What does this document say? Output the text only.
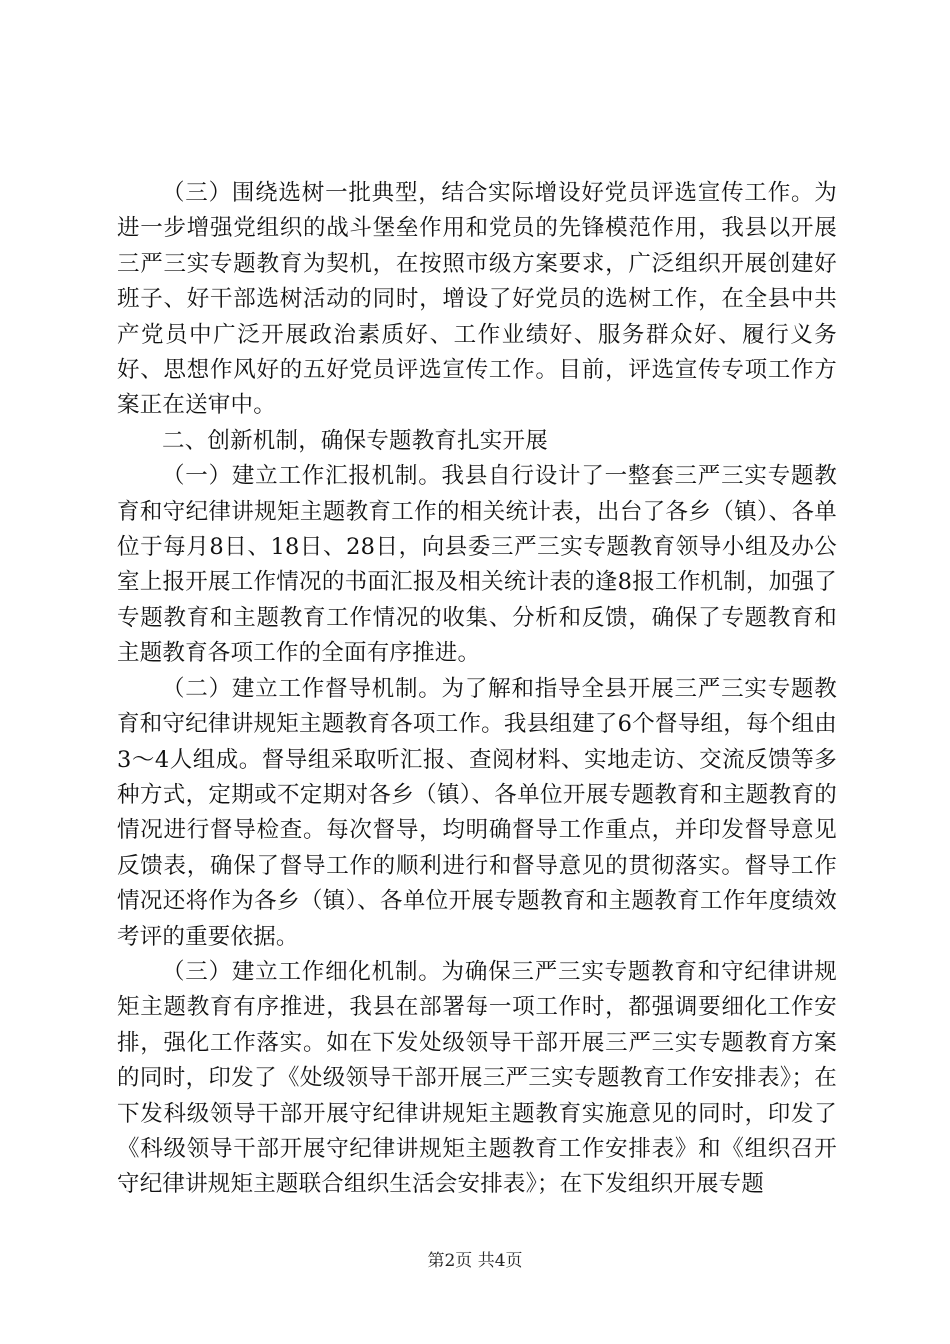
（三）围绕选树一批典型，结合实际增设好党员评选宣传工作。为进一步增强党组织的战斗堡垒作用和党员的先锋模范作用，我县以开展三严三实专题教育为契机，在按照市级方案要求，广泛组织开展创建好班子、好干部选树活动的同时，增设了好党员的选树工作，在全县中共产党员中广泛开展政治素质好、工作业绩好、服务群众好、履行义务好、思想作风好的五好党员评选宣传工作。目前，评选宣传专项工作方案正在送审中。

二、创新机制，确保专题教育扎实开展

（一）建立工作汇报机制。我县自行设计了一整套三严三实专题教育和守纪律讲规矩主题教育工作的相关统计表，出台了各乡（镇）、各单位于每月8日、18日、28日，向县委三严三实专题教育领导小组及办公室上报开展工作情况的书面汇报及相关统计表的逢8报工作机制，加强了专题教育和主题教育工作情况的收集、分析和反馈，确保了专题教育和主题教育各项工作的全面有序推进。

（二）建立工作督导机制。为了解和指导全县开展三严三实专题教育和守纪律讲规矩主题教育各项工作。我县组建了6个督导组，每个组由3～4人组成。督导组采取听汇报、查阅材料、实地走访、交流反馈等多种方式，定期或不定期对各乡（镇）、各单位开展专题教育和主题教育的情况进行督导检查。每次督导，均明确督导工作重点，并印发督导意见反馈表，确保了督导工作的顺利进行和督导意见的贯彻落实。督导工作情况还将作为各乡（镇）、各单位开展专题教育和主题教育工作年度绩效考评的重要依据。

（三）建立工作细化机制。为确保三严三实专题教育和守纪律讲规矩主题教育有序推进，我县在部署每一项工作时，都强调要细化工作安排，强化工作落实。如在下发处级领导干部开展三严三实专题教育方案的同时，印发了《处级领导干部开展三严三实专题教育工作安排表》；在下发科级领导干部开展守纪律讲规矩主题教育实施意见的同时，印发了《科级领导干部开展守纪律讲规矩主题教育工作安排表》和《组织召开守纪律讲规矩主题联合组织生活会安排表》；在下发组织开展专题

第2页 共4页
